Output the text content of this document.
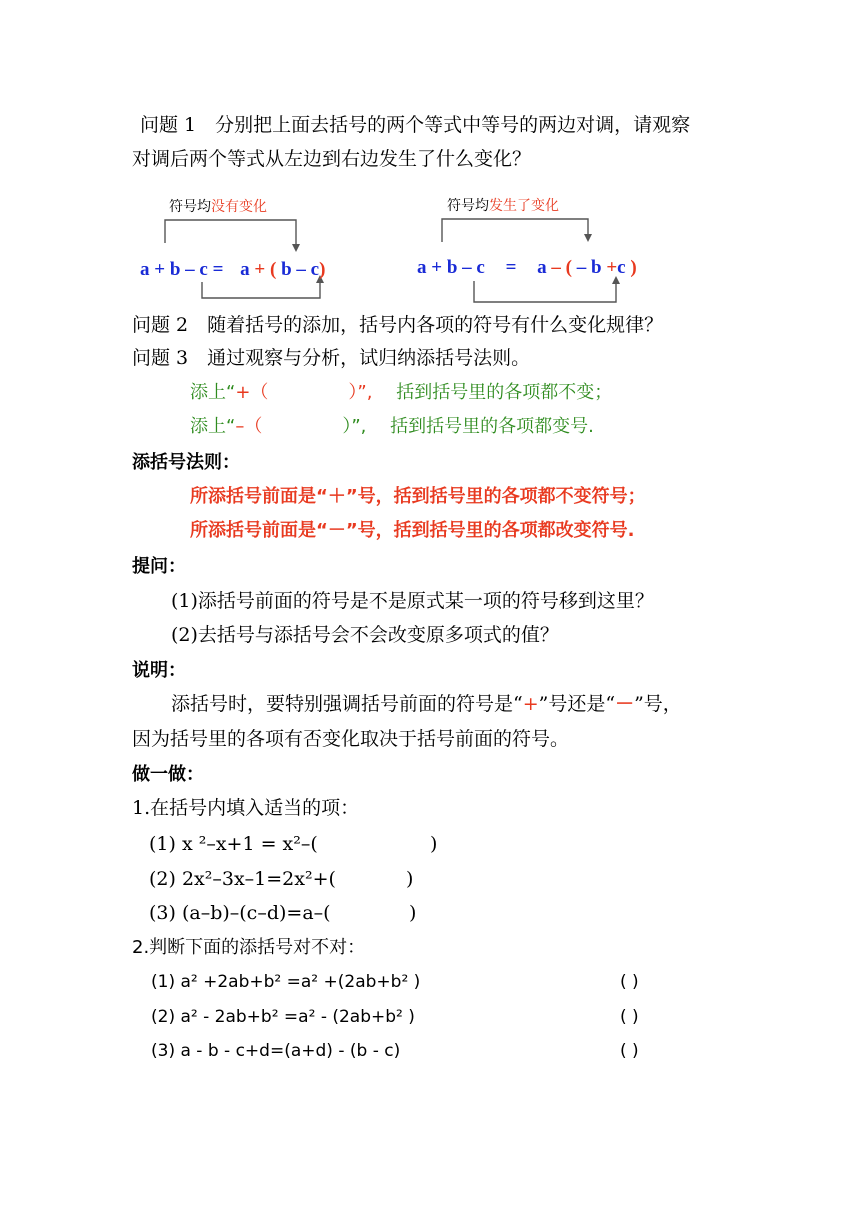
问题 1　分别把上面去括号的两个等式中等号的两边对调，请观察
对调后两个等式从左边到右边发生了什么变化？
符号均没有变化	符号均发生了变化
a + b – c = a + ( b – c)	a + b – c = a – ( – b +c )
问题 2　随着括号的添加，括号内各项的符号有什么变化规律？
问题 3　通过观察与分析，试归纳添括号法则。
添上“+（	）”, 括到括号里的各项都不变；
添上“–（	）”, 括到括号里的各项都变号.
添括号法则：
所添括号前面是“＋”号，括到括号里的各项都不变符号；
所添括号前面是“－”号，括到括号里的各项都改变符号.
提问：
(1)添括号前面的符号是不是原式某一项的符号移到这里？
(2)去括号与添括号会不会改变原多项式的值？
说明：
添括号时，要特别强调括号前面的符号是“+”号还是“－”号，
因为括号里的各项有否变化取决于括号前面的符号。
做一做：
1.在括号内填入适当的项：
(1) x ²–x+1 = x²–(	)
(2) 2x²–3x–1=2x²+(	)
(3) (a–b)–(c–d)=a–(	)
2.判断下面的添括号对不对：
(1) a² +2ab+b² =a² +(2ab+b² )	( )
(2) a² - 2ab+b² =a² - (2ab+b² )	( )
(3) a - b - c+d=(a+d) - (b - c)	( )
